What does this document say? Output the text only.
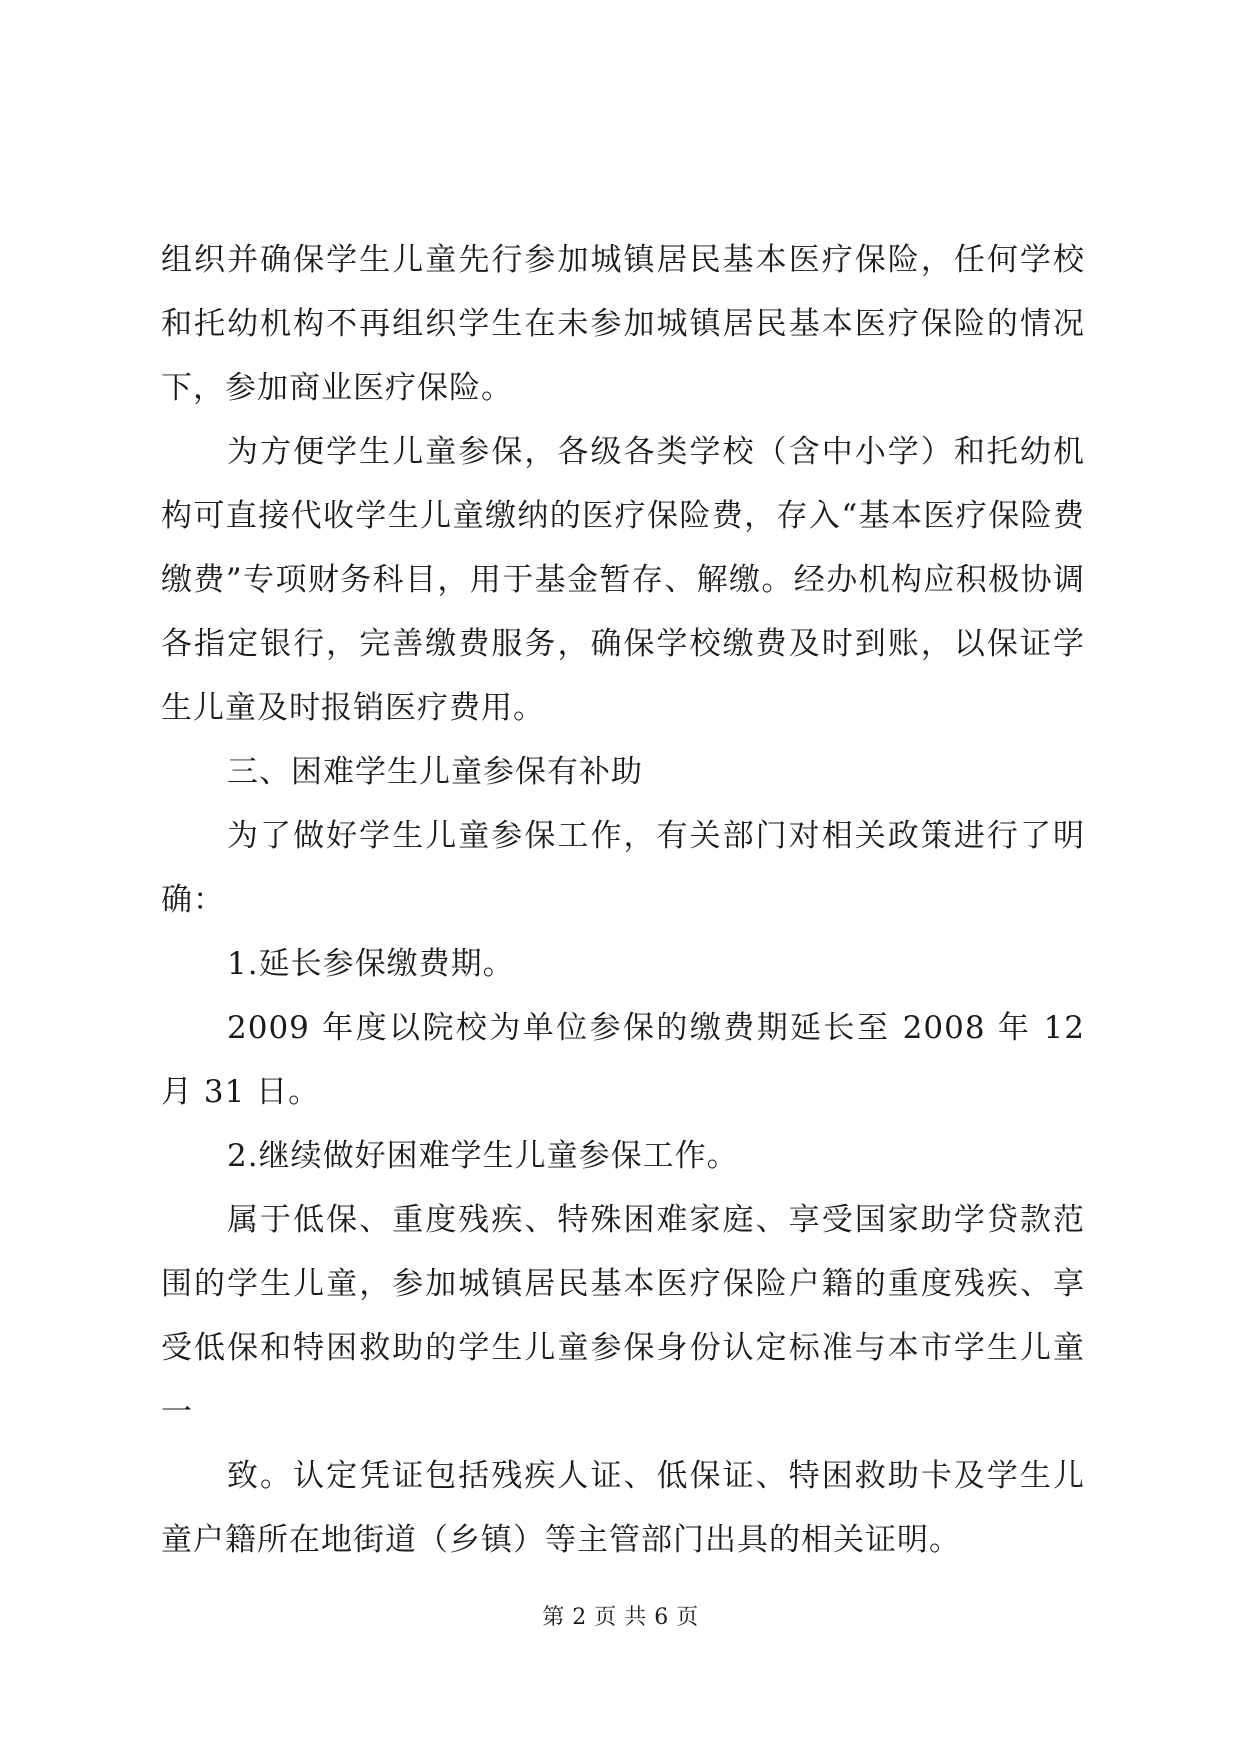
组织并确保学生儿童先行参加城镇居民基本医疗保险，任何学校和托幼机构不再组织学生在未参加城镇居民基本医疗保险的情况下，参加商业医疗保险。

为方便学生儿童参保，各级各类学校（含中小学）和托幼机构可直接代收学生儿童缴纳的医疗保险费，存入“基本医疗保险费缴费”专项财务科目，用于基金暂存、解缴。经办机构应积极协调各指定银行，完善缴费服务，确保学校缴费及时到账，以保证学生儿童及时报销医疗费用。

三、困难学生儿童参保有补助

为了做好学生儿童参保工作，有关部门对相关政策进行了明确：

1.延长参保缴费期。

2009 年度以院校为单位参保的缴费期延长至 2008 年 12 月 31 日。

2.继续做好困难学生儿童参保工作。

属于低保、重度残疾、特殊困难家庭、享受国家助学贷款范围的学生儿童，参加城镇居民基本医疗保险户籍的重度残疾、享受低保和特困救助的学生儿童参保身份认定标准与本市学生儿童一

致。认定凭证包括残疾人证、低保证、特困救助卡及学生儿童户籍所在地街道（乡镇）等主管部门出具的相关证明。

第 2 页 共 6 页
